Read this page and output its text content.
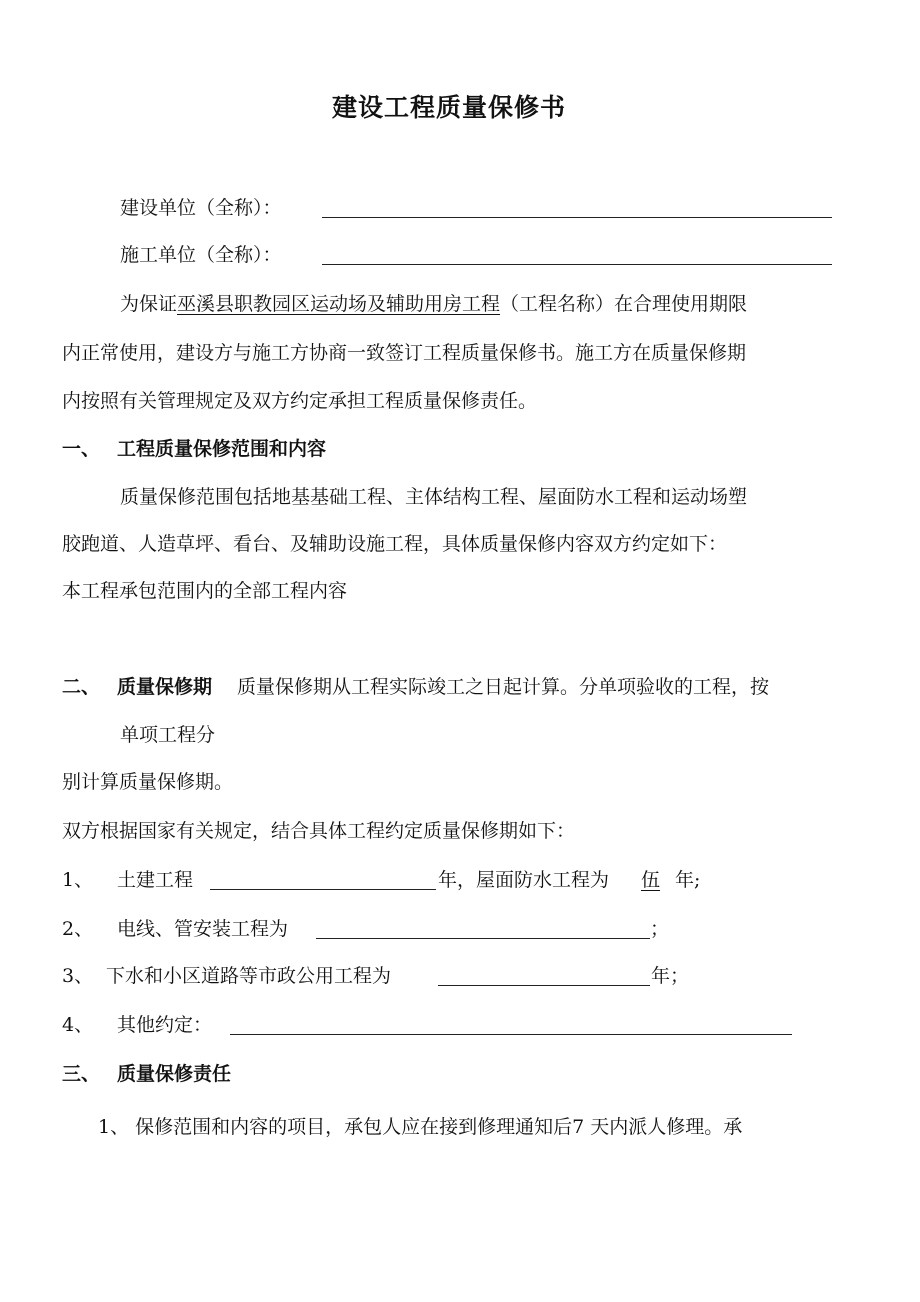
建设工程质量保修书
建设单位（全称）：
施工单位（全称）：
为保证巫溪县职教园区运动场及辅助用房工程（工程名称）在合理使用期限
内正常使用，建设方与施工方协商一致签订工程质量保修书。施工方在质量保修期
内按照有关管理规定及双方约定承担工程质量保修责任。
一、 工程质量保修范围和内容
质量保修范围包括地基基础工程、主体结构工程、屋面防水工程和运动场塑
胶跑道、人造草坪、看台、及辅助设施工程，具体质量保修内容双方约定如下：
本工程承包范围内的全部工程内容
二、 质量保修期 质量保修期从工程实际竣工之日起计算。分单项验收的工程，按
单项工程分
别计算质量保修期。
双方根据国家有关规定，结合具体工程约定质量保修期如下：
1、 土建工程	年，屋面防水工程为 伍 年;
2、 电线、管安装工程为	；
3、 下水和小区道路等市政公用工程为	年；
4、 其他约定：
三、 质量保修责任
1、 保修范围和内容的项目，承包人应在接到修理通知后7 天内派人修理。承
